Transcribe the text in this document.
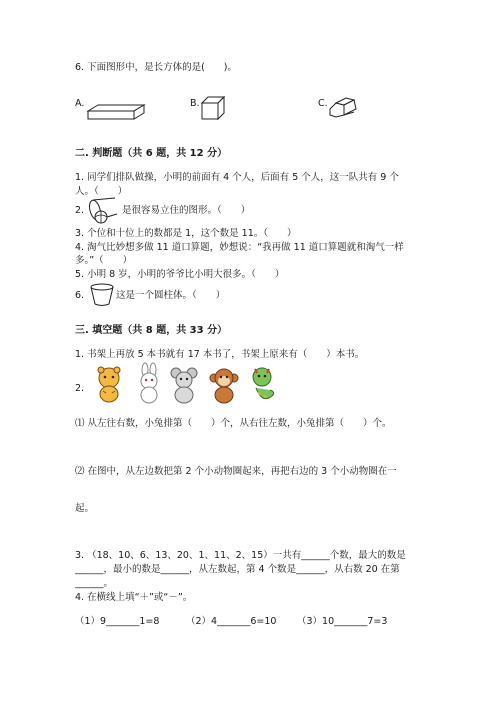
6. 下面图形中，是长方体的是(　　)。
A.	B.	C.
二. 判断题（共 6 题，共 12 分）
1. 同学们排队做操，小明的前面有 4 个人，后面有 5 个人，这一队共有 9 个
人。（　　）
2.	是很容易立住的图形。（　　）
3. 个位和十位上的数都是 1，这个数是 11。（　　）
4. 淘气比妙想多做 11 道口算题，妙想说：“我再做 11 道口算题就和淘气一样
多。”（　　）
5. 小明 8 岁，小明的爷爷比小明大很多。（　　）
6.	这是一个圆柱体。（　　）
三. 填空题（共 8 题，共 33 分）
1. 书架上再放 5 本书就有 17 本书了，书架上原来有（　　）本书。
2.
⑴ 从左往右数，小兔排第（　　）个，从右往左数，小兔排第（　　）个。
⑵ 在图中，从左边数把第 2 个小动物圈起来，再把右边的 3 个小动物圈在一
起。
3. （18、10、6、13、20、1、11、2、15）一共有______个数，最大的数是
______，最小的数是______，从左数起，第 4 个数是______，从右数 20 在第
______。
4. 在横线上填“＋”或“－”。
（1）9_______1=8	（2）4_______6=10 （3）10_______7=3
